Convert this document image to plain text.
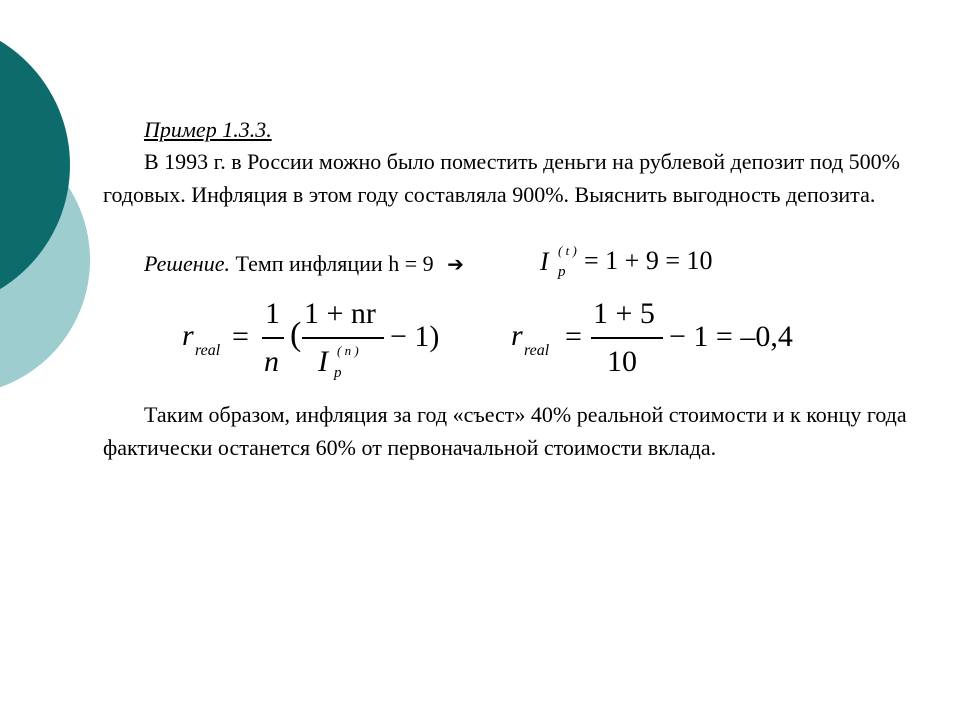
Пример 1.3.3.

В 1993 г. в России можно было поместить деньги на рублевой депозит под 500% годовых. Инфляция в этом году составляла 900%. Выяснить выгодность депозита.

Решение. Темп инфляции h = 9 ➔	I ( t )
p = 1 + 9 = 10
r real =
1
n
(
1 + nr
I ( n )
p
− 1) r real =
1 + 5
10
− 1 = –0,4

Таким образом, инфляция за год «съест» 40% реальной стоимости и к концу года фактически останется 60% от первоначальной стоимости вклада.
